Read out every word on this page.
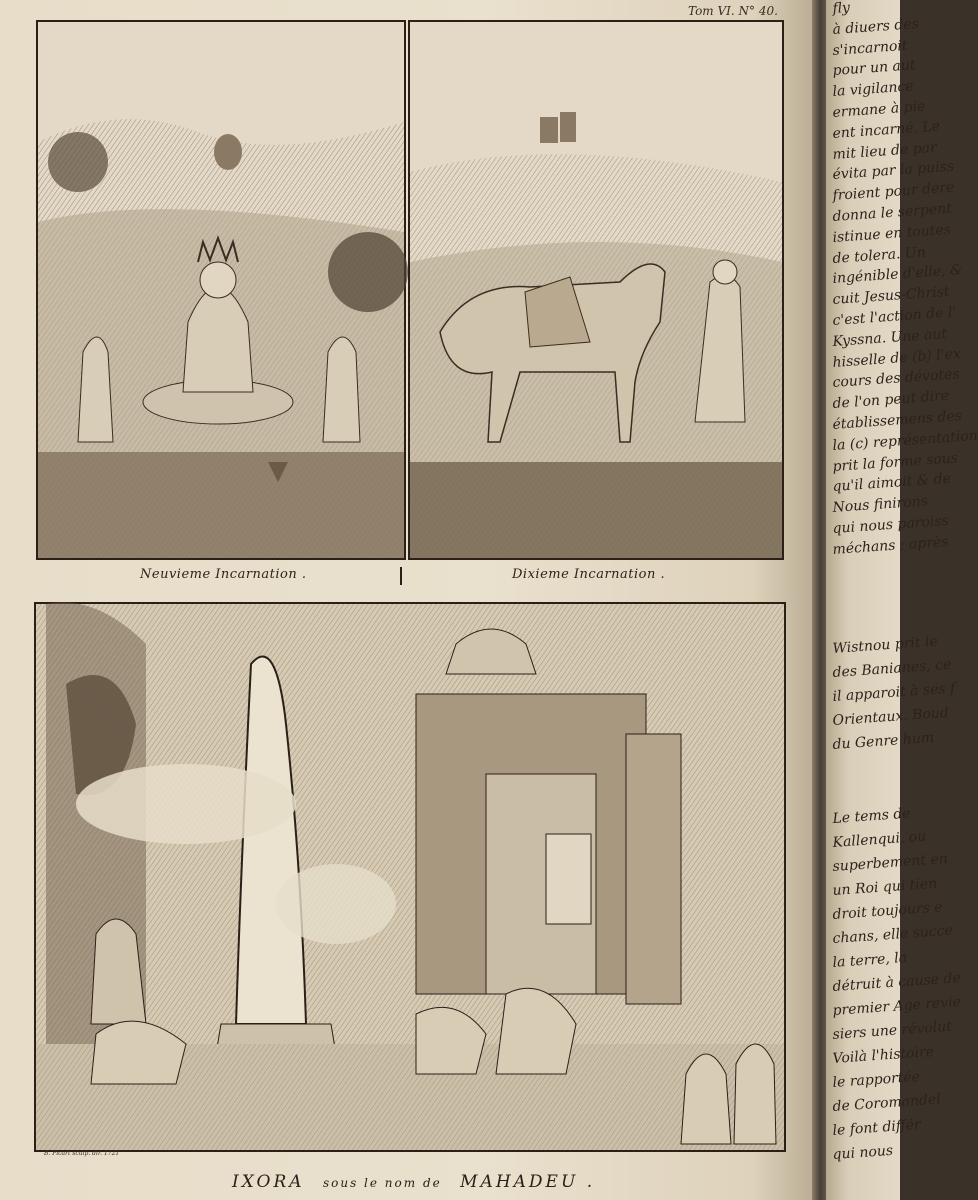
Tom VI. N° 40.
Neuvieme Incarnation .	Dixieme Incarnation .
B. Picart sculp. dir. 1721
IXORA sous le nom de MAHADEU .
fly
à diuers des
s'incarnoit
pour un aut
la vigilance
ermane à pie
ent incarné. Le
mit lieu de par
évita par la puiss
froient pour dere
donna le serpent
istinue en toutes
de tolera. Un
ingénible d'elle, &
cuit Jesus-Christ
c'est l'action de l'
Kyssna. Une aut
hisselle de (b) l'ex
cours des dévotes
de l'on peut dire
établissemens des
la (c) représentation
prit la forme sous
qu'il aimoit & de
Nous finirons
qui nous paroiss
méchans ; après
Wistnou prit le
des Banianes, ce
il apparoit à ses f
Orientaux. Boud
du Genre hum
Le tems de
Kallenqui, ou
superbement en
un Roi qui tien
droit toujours e
chans, elle succe
la terre, la
détruit à cause de
premier Age revie
siers une révolut
Voilà l'histoire
le rapportée
de Coromandel
le font différ
qui nous
